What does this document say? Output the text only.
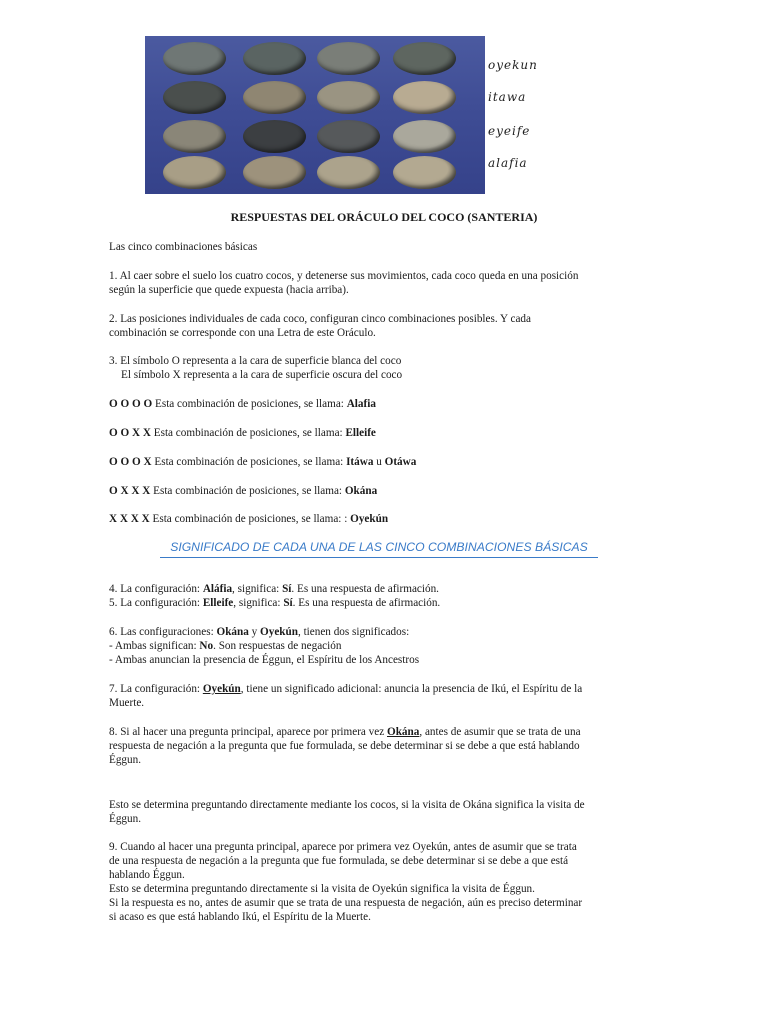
oyekun
itawa
eyeife
alafia
RESPUESTAS DEL ORÁCULO DEL COCO (SANTERIA)

Las cinco combinaciones básicas

1. Al caer sobre el suelo los cuatro cocos, y detenerse sus movimientos, cada coco queda en una posición
según la superficie que quede expuesta (hacia arriba).

2. Las posiciones individuales de cada coco, configuran cinco combinaciones posibles. Y cada
combinación se corresponde con una Letra de este Oráculo.

3. El símbolo O representa a la cara de superficie blanca del coco
El símbolo X representa a la cara de superficie oscura del coco

O O O O Esta combinación de posiciones, se llama: Alafia

O O X X Esta combinación de posiciones, se llama: Elleife

O O O X Esta combinación de posiciones, se llama: Itáwa u Otáwa

O X X X Esta combinación de posiciones, se llama: Okána

X X X X Esta combinación de posiciones, se llama: : Oyekún

SIGNIFICADO DE CADA UNA DE LAS CINCO COMBINACIONES BÁSICAS

4. La configuración: Aláfia, significa: Sí. Es una respuesta de afirmación.
5. La configuración: Elleife, significa: Sí. Es una respuesta de afirmación.

6. Las configuraciones: Okána y Oyekún, tienen dos significados:
- Ambas significan: No. Son respuestas de negación
- Ambas anuncian la presencia de Éggun, el Espíritu de los Ancestros

7. La configuración: Oyekún, tiene un significado adicional: anuncia la presencia de Ikú, el Espíritu de la
Muerte.

8. Si al hacer una pregunta principal, aparece por primera vez Okána, antes de asumir que se trata de una
respuesta de negación a la pregunta que fue formulada, se debe determinar si se debe a que está hablando
Éggun.

Esto se determina preguntando directamente mediante los cocos, si la visita de Okána significa la visita de
Éggun.

9. Cuando al hacer una pregunta principal, aparece por primera vez Oyekún, antes de asumir que se trata
de una respuesta de negación a la pregunta que fue formulada, se debe determinar si se debe a que está
hablando Éggun.
Esto se determina preguntando directamente si la visita de Oyekún significa la visita de Éggun.
Si la respuesta es no, antes de asumir que se trata de una respuesta de negación, aún es preciso determinar
si acaso es que está hablando Ikú, el Espíritu de la Muerte.
